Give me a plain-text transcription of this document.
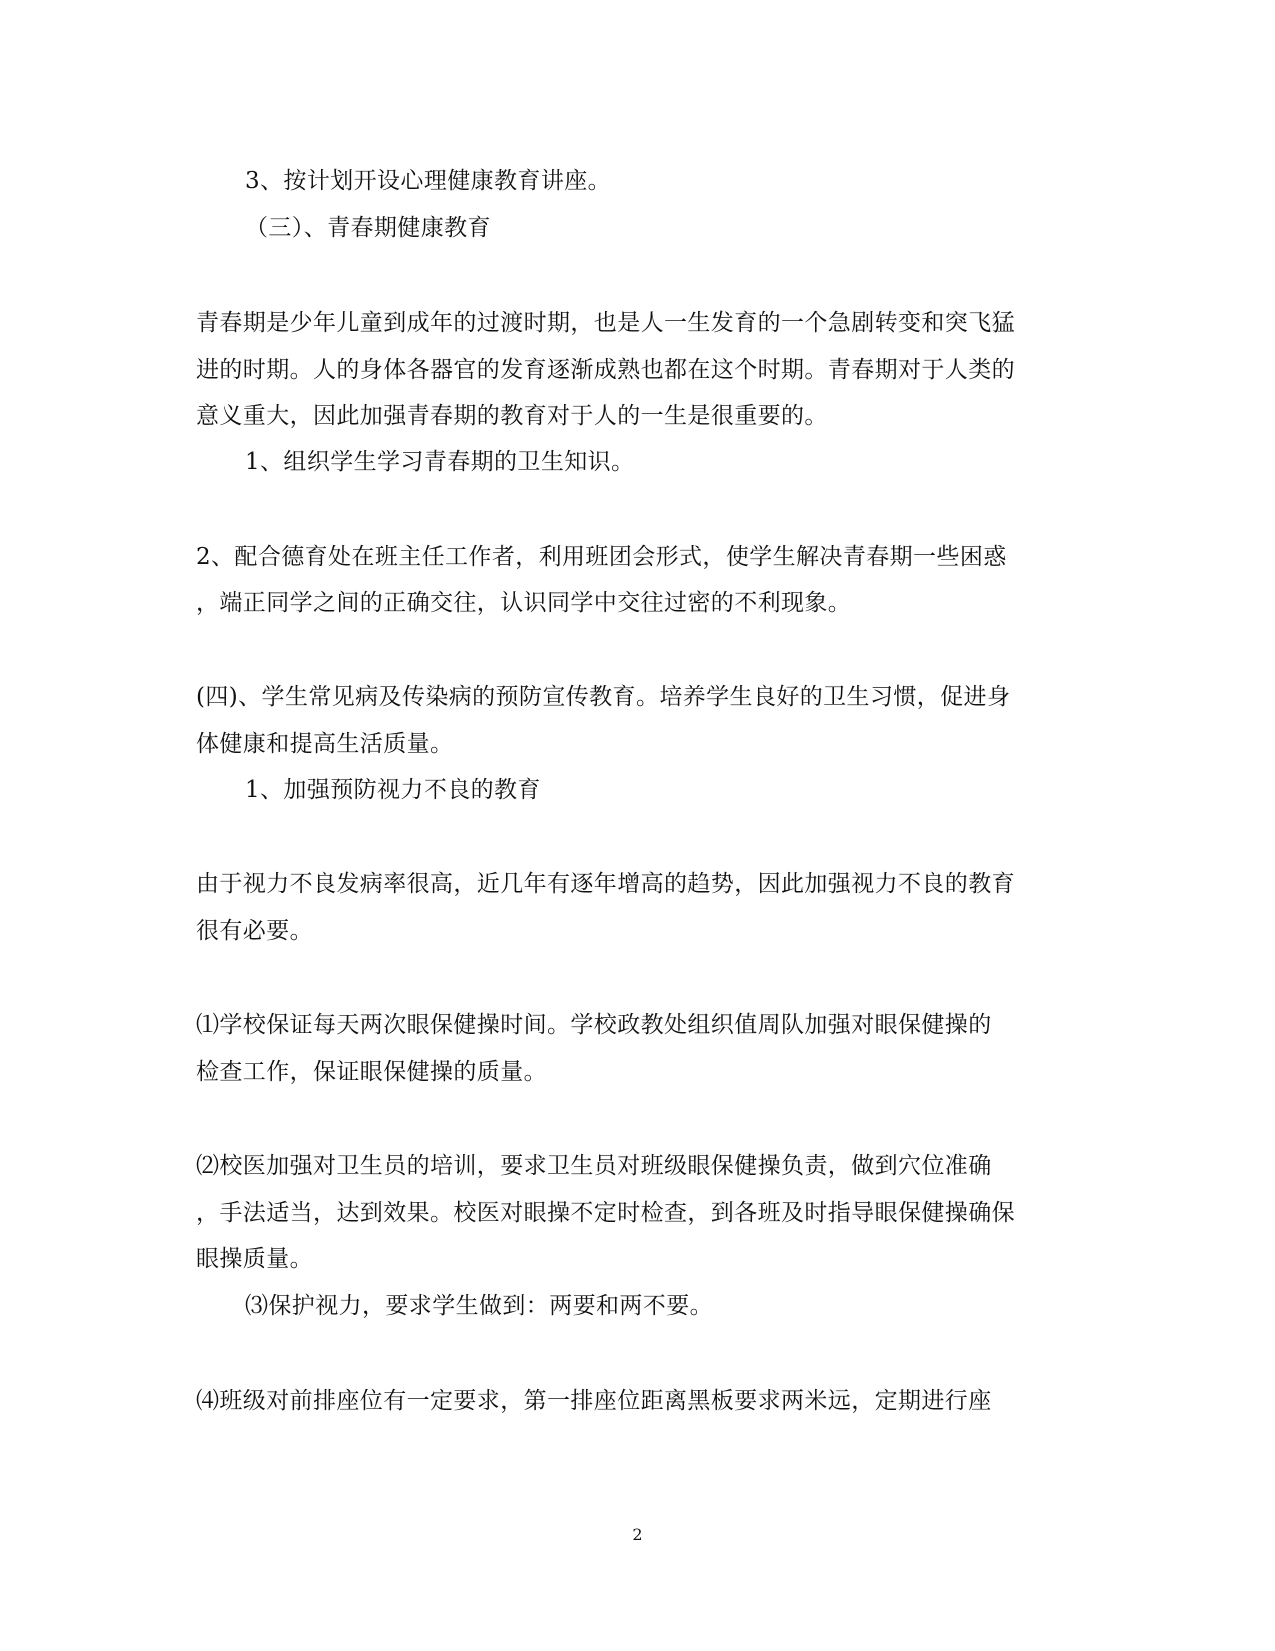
3、按计划开设心理健康教育讲座。
（三）、青春期健康教育
青春期是少年儿童到成年的过渡时期，也是人一生发育的一个急剧转变和突飞猛
进的时期。人的身体各器官的发育逐渐成熟也都在这个时期。青春期对于人类的
意义重大，因此加强青春期的教育对于人的一生是很重要的。
1、组织学生学习青春期的卫生知识。
2、配合德育处在班主任工作者，利用班团会形式，使学生解决青春期一些困惑
，端正同学之间的正确交往，认识同学中交往过密的不利现象。
(四)、学生常见病及传染病的预防宣传教育。培养学生良好的卫生习惯，促进身
体健康和提高生活质量。
1、加强预防视力不良的教育
由于视力不良发病率很高，近几年有逐年增高的趋势，因此加强视力不良的教育
很有必要。
⑴学校保证每天两次眼保健操时间。学校政教处组织值周队加强对眼保健操的
检查工作，保证眼保健操的质量。
⑵校医加强对卫生员的培训，要求卫生员对班级眼保健操负责，做到穴位准确
，手法适当，达到效果。校医对眼操不定时检查，到各班及时指导眼保健操确保
眼操质量。
⑶保护视力，要求学生做到：两要和两不要。
⑷班级对前排座位有一定要求，第一排座位距离黑板要求两米远，定期进行座
2
